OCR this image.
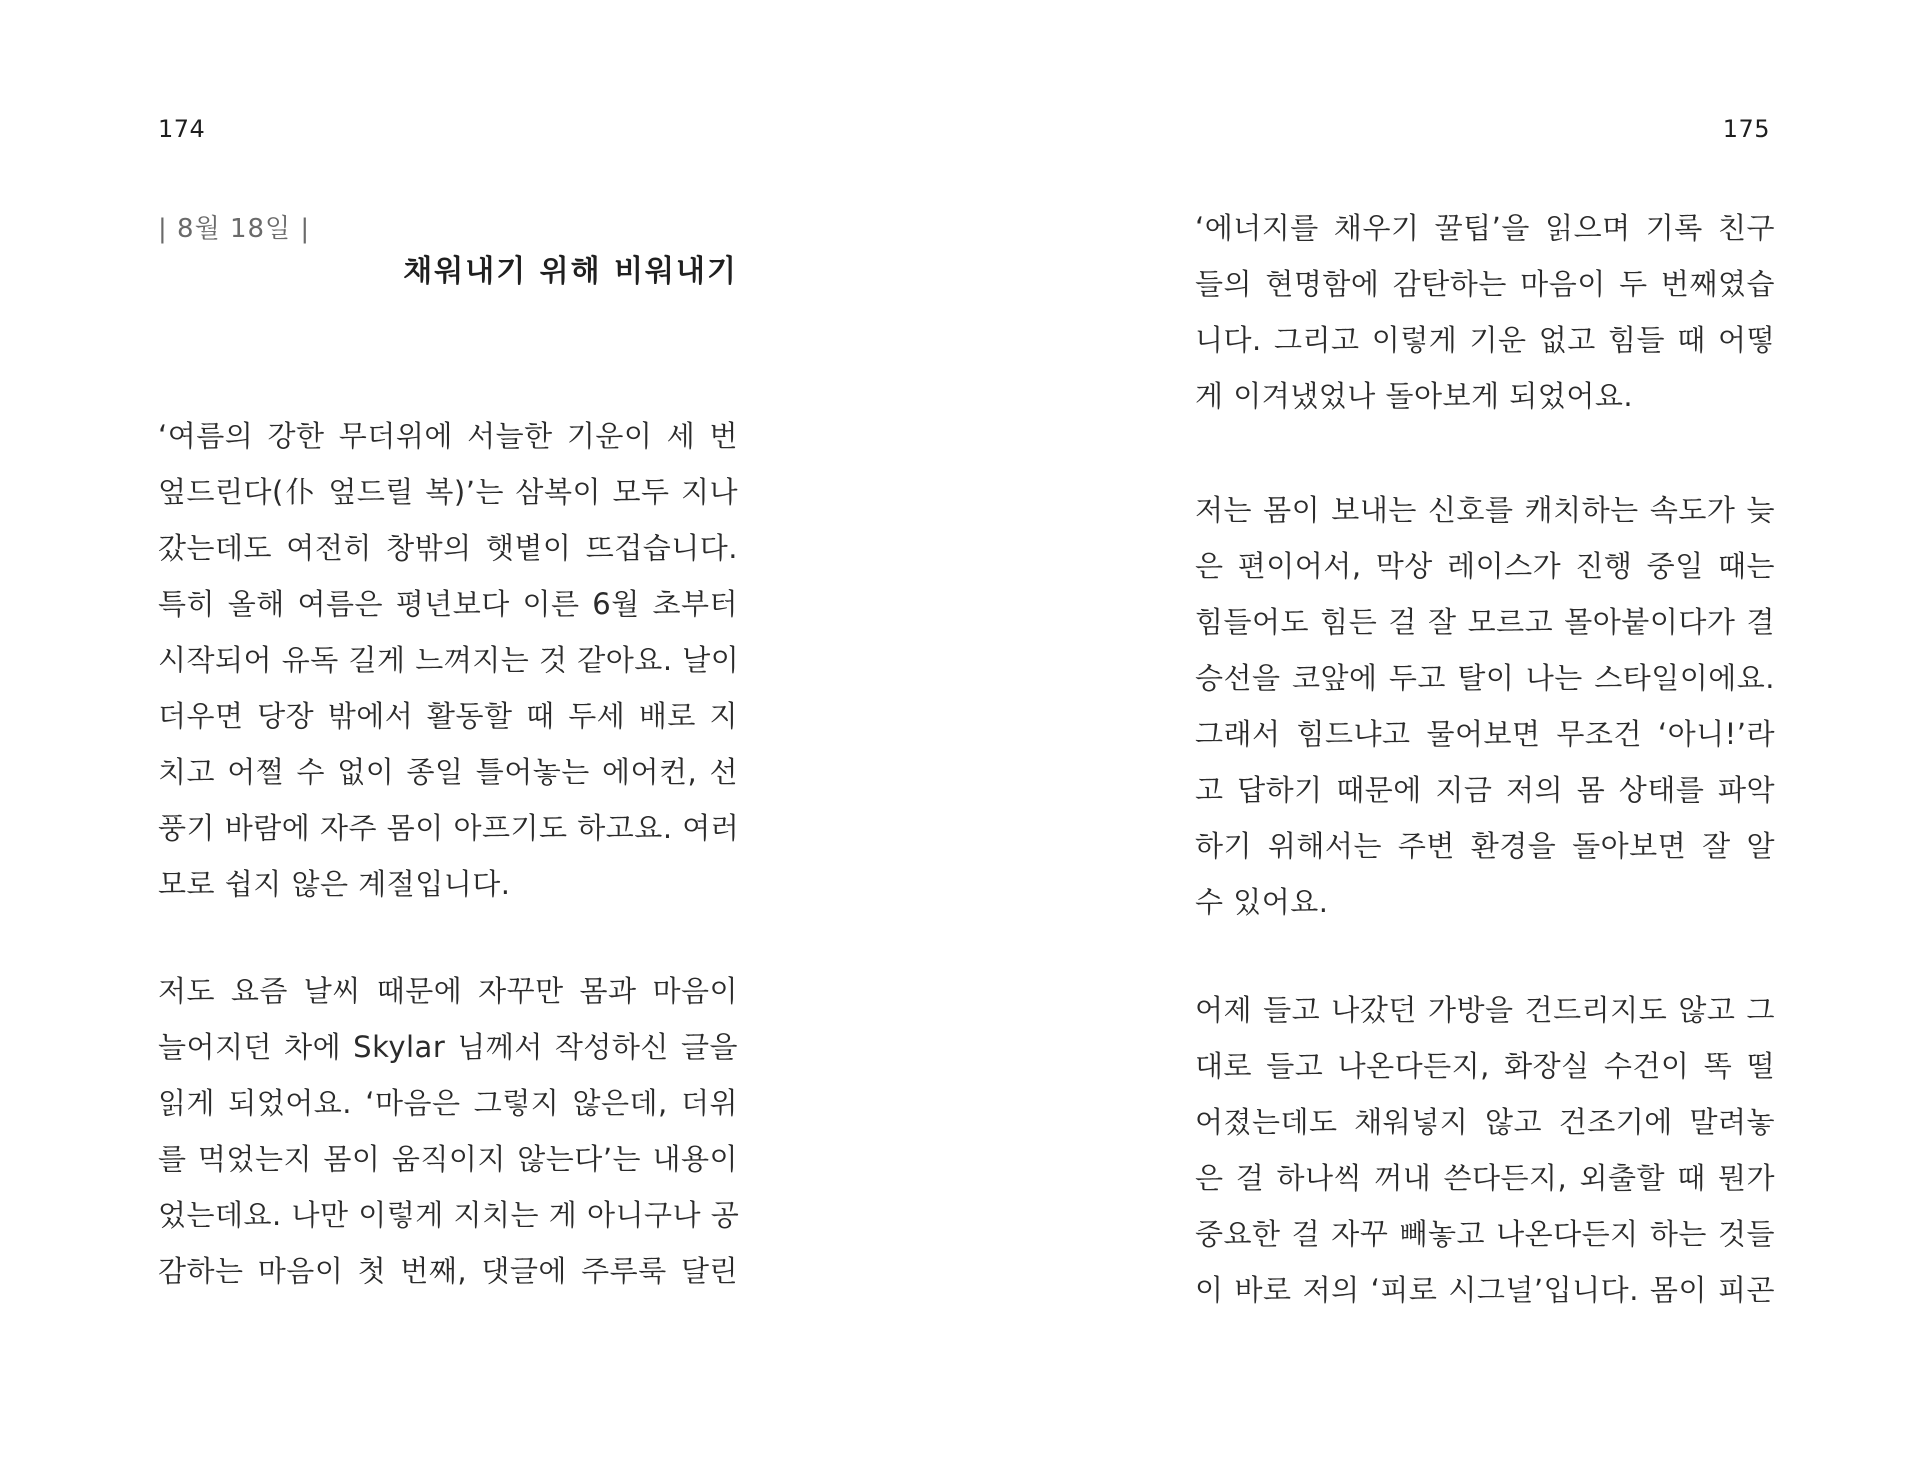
174
| 8월 18일 |
채워내기 위해 비워내기
‘여름의 강한 무더위에 서늘한 기운이 세 번
엎드린다(仆 엎드릴 복)’는 삼복이 모두 지나
갔는데도 여전히 창밖의 햇볕이 뜨겁습니다.
특히 올해 여름은 평년보다 이른 6월 초부터
시작되어 유독 길게 느껴지는 것 같아요. 날이
더우면 당장 밖에서 활동할 때 두세 배로 지
치고 어쩔 수 없이 종일 틀어놓는 에어컨, 선
풍기 바람에 자주 몸이 아프기도 하고요. 여러
모로 쉽지 않은 계절입니다.
저도 요즘 날씨 때문에 자꾸만 몸과 마음이
늘어지던 차에 Skylar 님께서 작성하신 글을
읽게 되었어요. ‘마음은 그렇지 않은데, 더위
를 먹었는지 몸이 움직이지 않는다’는 내용이
었는데요. 나만 이렇게 지치는 게 아니구나 공
감하는 마음이 첫 번째, 댓글에 주루룩 달린
175
‘에너지를 채우기 꿀팁’을 읽으며 기록 친구
들의 현명함에 감탄하는 마음이 두 번째였습
니다. 그리고 이렇게 기운 없고 힘들 때 어떻
게 이겨냈었나 돌아보게 되었어요.
저는 몸이 보내는 신호를 캐치하는 속도가 늦
은 편이어서, 막상 레이스가 진행 중일 때는
힘들어도 힘든 걸 잘 모르고 몰아붙이다가 결
승선을 코앞에 두고 탈이 나는 스타일이에요.
그래서 힘드냐고 물어보면 무조건 ‘아니!’라
고 답하기 때문에 지금 저의 몸 상태를 파악
하기 위해서는 주변 환경을 돌아보면 잘 알
수 있어요.
어제 들고 나갔던 가방을 건드리지도 않고 그
대로 들고 나온다든지, 화장실 수건이 똑 떨
어졌는데도 채워넣지 않고 건조기에 말려놓
은 걸 하나씩 꺼내 쓴다든지, 외출할 때 뭔가
중요한 걸 자꾸 빼놓고 나온다든지 하는 것들
이 바로 저의 ‘피로 시그널’입니다. 몸이 피곤
